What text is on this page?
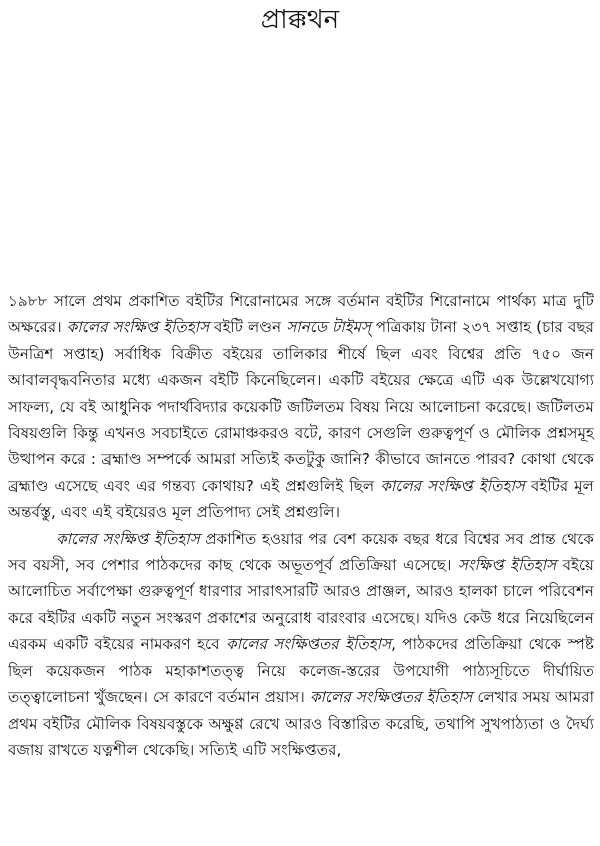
প্রাক্কথন

১৯৮৮ সালে প্রথম প্রকাশিত বইটির শিরোনামের সঙ্গে বর্তমান বইটির শিরোনামে পার্থক্য মাত্র দুটি অক্ষরের। কালের সংক্ষিপ্ত ইতিহাস বইটি লণ্ডন সানডে টাইমস্‌ পত্রিকায় টানা ২৩৭ সপ্তাহ (চার বছর উনত্রিশ সপ্তাহ) সর্বাধিক বিক্রীত বইয়ের তালিকার শীর্ষে ছিল এবং বিশ্বের প্রতি ৭৫০ জন আবালবৃদ্ধবনিতার মধ্যে একজন বইটি কিনেছিলেন। একটি বইয়ের ক্ষেত্রে এটি এক উল্লেখযোগ্য সাফল্য, যে বই আধুনিক পদার্থবিদ্যার কয়েকটি জটিলতম বিষয় নিয়ে আলোচনা করেছে। জটিলতম বিষয়গুলি কিন্তু এখনও সবচাইতে রোমাঞ্চকরও বটে, কারণ সেগুলি গুরুত্বপূর্ণ ও মৌলিক প্রশ্নসমূহ উত্থাপন করে : ব্রহ্মাণ্ড সম্পর্কে আমরা সত্যিই কতটুকু জানি? কীভাবে জানতে পারব? কোথা থেকে ব্রহ্মাণ্ড এসেছে এবং এর গন্তব্য কোথায়? এই প্রশ্নগুলিই ছিল কালের সংক্ষিপ্ত ইতিহাস বইটির মূল অন্তর্বস্তু, এবং এই বইয়েরও মূল প্রতিপাদ্য সেই প্রশ্নগুলি।

কালের সংক্ষিপ্ত ইতিহাস প্রকাশিত হওয়ার পর বেশ কয়েক বছর ধরে বিশ্বের সব প্রান্ত থেকে সব বয়সী, সব পেশার পাঠকদের কাছ থেকে অভূতপূর্ব প্রতিক্রিয়া এসেছে। সংক্ষিপ্ত ইতিহাস বইয়ে আলোচিত সর্বাপেক্ষা গুরুত্বপূর্ণ ধারণার সারাৎসারটি আরও প্রাঞ্জল, আরও হালকা চালে পরিবেশন করে বইটির একটি নতুন সংস্করণ প্রকাশের অনুরোধ বারংবার এসেছে। যদিও কেউ ধরে নিয়েছিলেন এরকম একটি বইয়ের নামকরণ হবে কালের সংক্ষিপ্ততর ইতিহাস, পাঠকদের প্রতিক্রিয়া থেকে স্পষ্ট ছিল কয়েকজন পাঠক মহাকাশতত্ত্ব নিয়ে কলেজ-স্তরের উপযোগী পাঠ্যসূচিতে দীর্ঘায়িত তত্ত্বালোচনা খুঁজছেন। সে কারণে বর্তমান প্রয়াস। কালের সংক্ষিপ্ততর ইতিহাস লেখার সময় আমরা প্রথম বইটির মৌলিক বিষয়বস্তুকে অক্ষুণ্ণ রেখে আরও বিস্তারিত করেছি, তথাপি সুখপাঠ্যতা ও দৈর্ঘ্য বজায় রাখতে যত্নশীল থেকেছি। সত্যিই এটি সংক্ষিপ্ততর,
